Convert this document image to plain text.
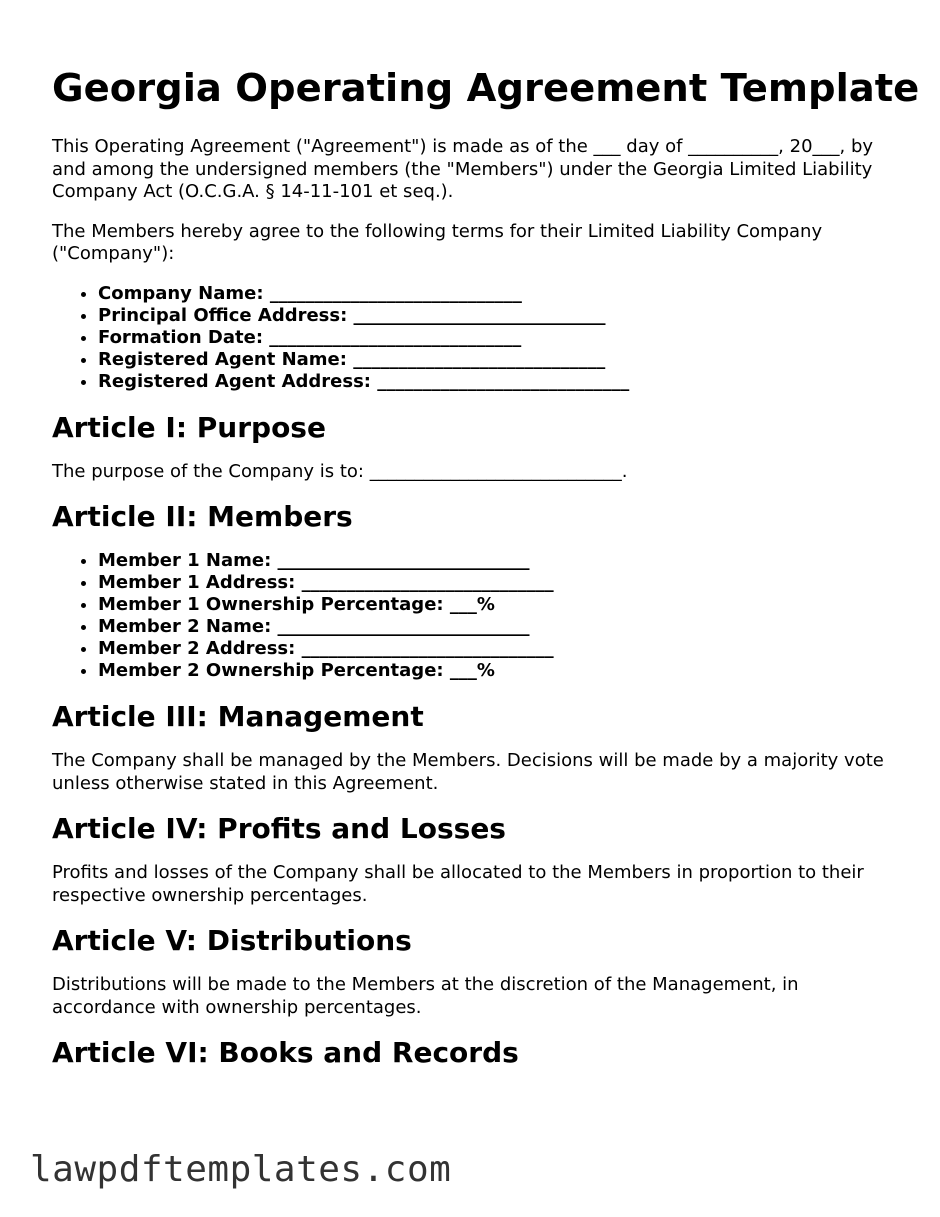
Georgia Operating Agreement Template

This Operating Agreement ("Agreement") is made as of the ___ day of __________, 20___, by and among the undersigned members (the "Members") under the Georgia Limited Liability Company Act (O.C.G.A. § 14-11-101 et seq.).

The Members hereby agree to the following terms for their Limited Liability Company ("Company"):

• Company Name: ____________________________
• Principal Office Address: ____________________________
• Formation Date: ____________________________
• Registered Agent Name: ____________________________
• Registered Agent Address: ____________________________
Article I: Purpose

The purpose of the Company is to: ____________________________.

Article II: Members
• Member 1 Name: ____________________________
• Member 1 Address: ____________________________
• Member 1 Ownership Percentage: ___%
• Member 2 Name: ____________________________
• Member 2 Address: ____________________________
• Member 2 Ownership Percentage: ___%
Article III: Management

The Company shall be managed by the Members. Decisions will be made by a majority vote unless otherwise stated in this Agreement.

Article IV: Profits and Losses

Profits and losses of the Company shall be allocated to the Members in proportion to their respective ownership percentages.

Article V: Distributions

Distributions will be made to the Members at the discretion of the Management, in accordance with ownership percentages.

Article VI: Books and Records
lawpdftemplates.com
